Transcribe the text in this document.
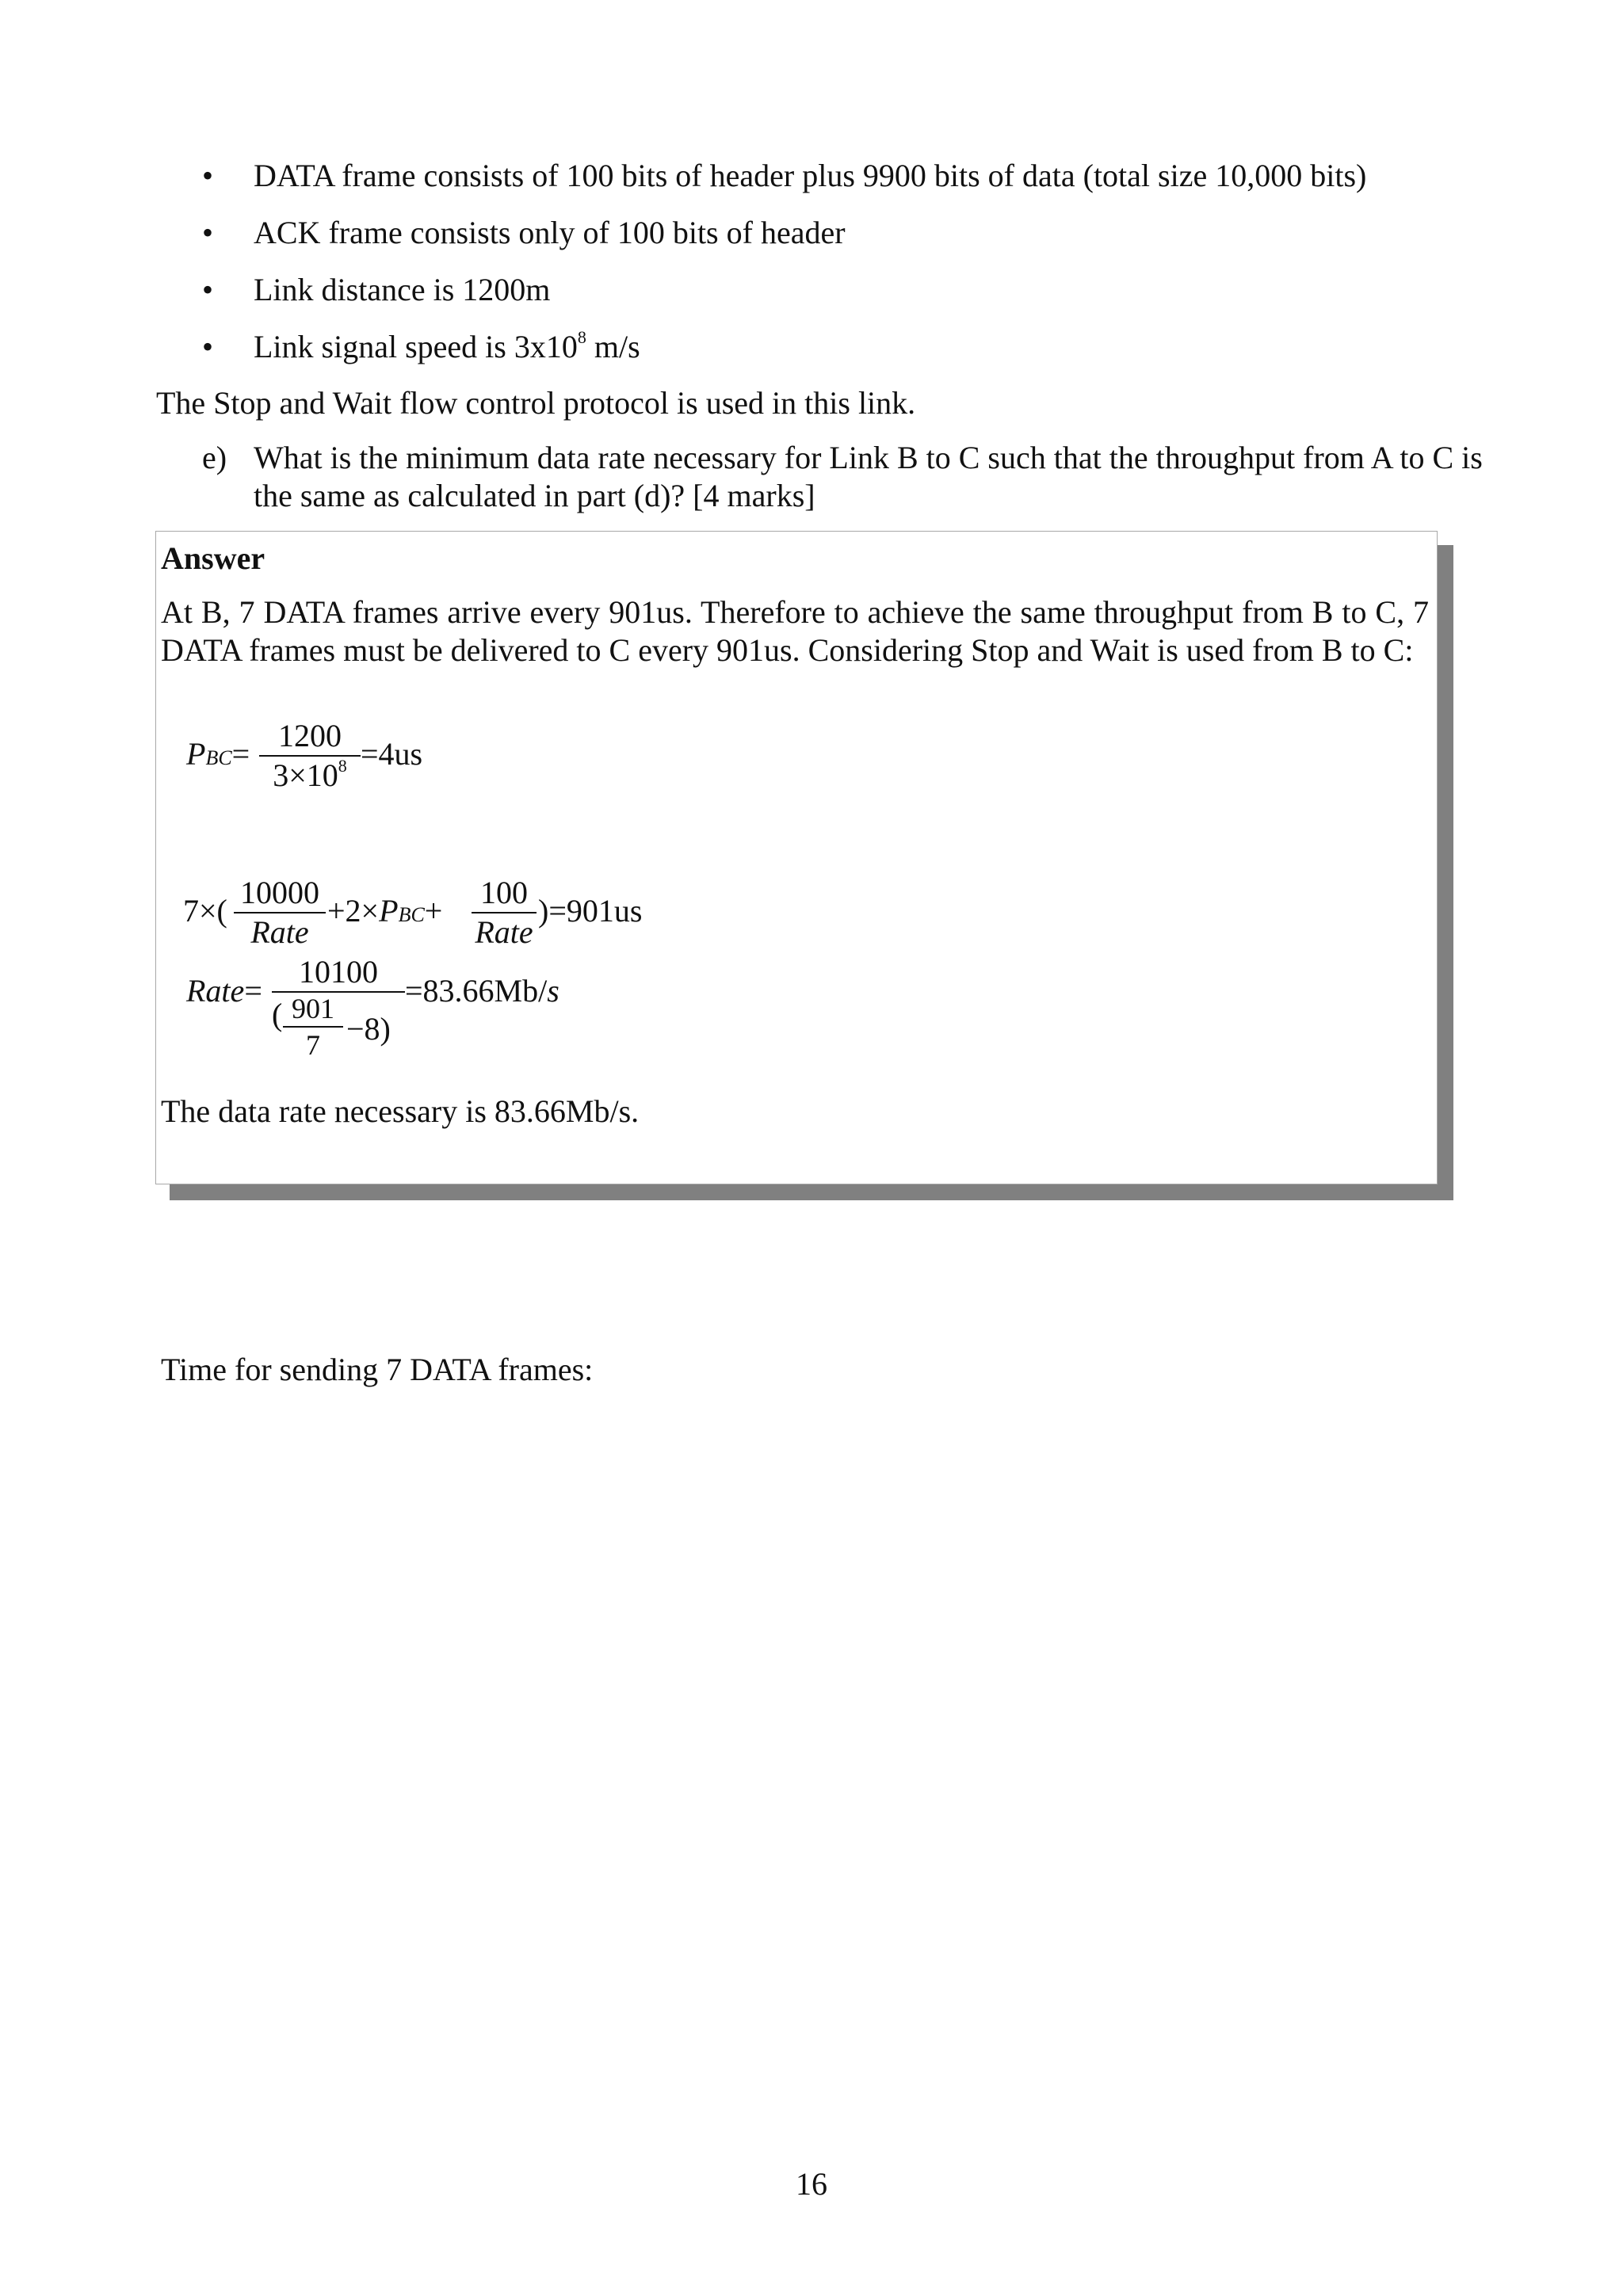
• DATA frame consists of 100 bits of header plus 9900 bits of data (total size 10,000 bits)
• ACK frame consists only of 100 bits of header
• Link distance is 1200m
• Link signal speed is $3x10^8$ m/s
The Stop and Wait flow control protocol is used in this link.
e) What is the minimum data rate necessary for Link B to C such that the throughput from A to C is the same as calculated in part (d)? [4 marks]
Answer
At B, 7 DATA frames arrive every 901us. Therefore to achieve the same throughput from B to C, 7 DATA frames must be delivered to C every 901us. Considering Stop and Wait is used from B to C:
$PBC= \frac{1200}{3\times 10^8} =4us$
Time for sending 7 DATA frames:
7×(
10000
Rate
+2×PBC+
100
Rate
)=901us
Rate=
10100
( $\frac{901}{7} -8$)
=83.66Mb/s
The data rate necessary is 83.66Mb/s.
16
